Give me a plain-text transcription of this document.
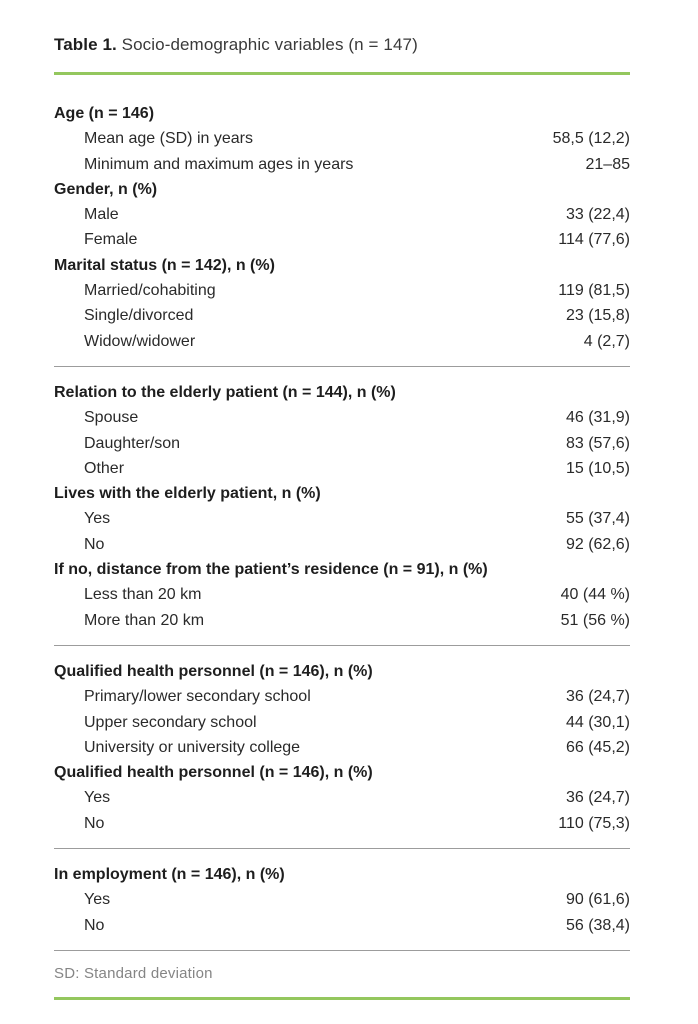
Table 1. Socio-demographic variables (n = 147)
Age (n = 146)
Mean age (SD) in years	58,5 (12,2)
Minimum and maximum ages in years	21–85
Gender, n (%)
Male	33 (22,4)
Female	114 (77,6)
Marital status (n = 142), n (%)
Married/cohabiting	119 (81,5)
Single/divorced	23 (15,8)
Widow/widower	4 (2,7)
Relation to the elderly patient (n = 144), n (%)
Spouse	46 (31,9)
Daughter/son	83 (57,6)
Other	15 (10,5)
Lives with the elderly patient, n (%)
Yes	55 (37,4)
No	92 (62,6)
If no, distance from the patient’s residence (n = 91), n (%)
Less than 20 km	40 (44 %)
More than 20 km	51 (56 %)
Qualified health personnel (n = 146), n (%)
Primary/lower secondary school	36 (24,7)
Upper secondary school	44 (30,1)
University or university college	66 (45,2)
Qualified health personnel (n = 146), n (%)
Yes	36 (24,7)
No	110 (75,3)
In employment (n = 146), n (%)
Yes	90 (61,6)
No	56 (38,4)
SD: Standard deviation
